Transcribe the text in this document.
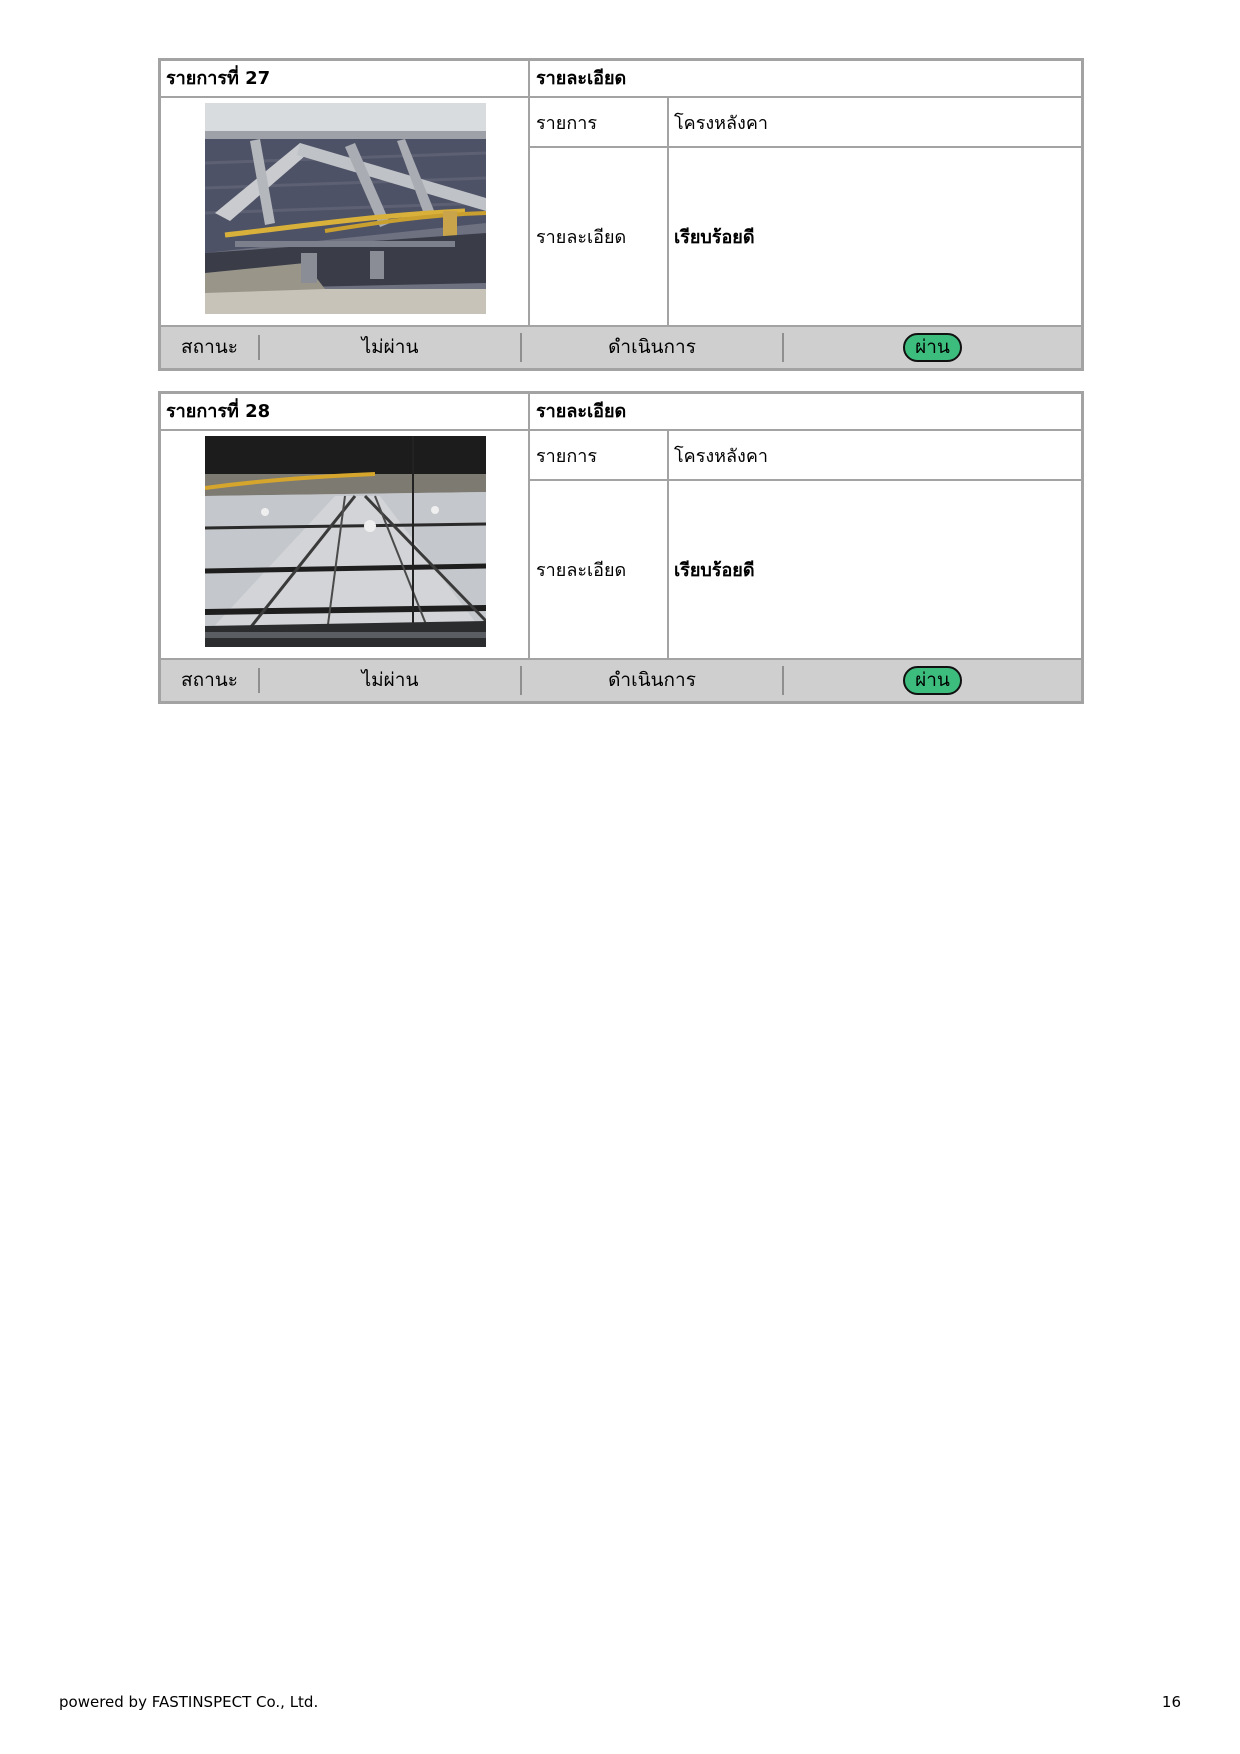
รายการที่ 27	รายละเอียด
รายการ	โครงหลังคา
รายละเอียด	เรียบร้อยดี
สถานะ	ไม่ผ่าน	ดำเนินการ	ผ่าน
รายการที่ 28	รายละเอียด
รายการ	โครงหลังคา
รายละเอียด	เรียบร้อยดี
สถานะ	ไม่ผ่าน	ดำเนินการ	ผ่าน
powered by FASTINSPECT Co., Ltd.	16
